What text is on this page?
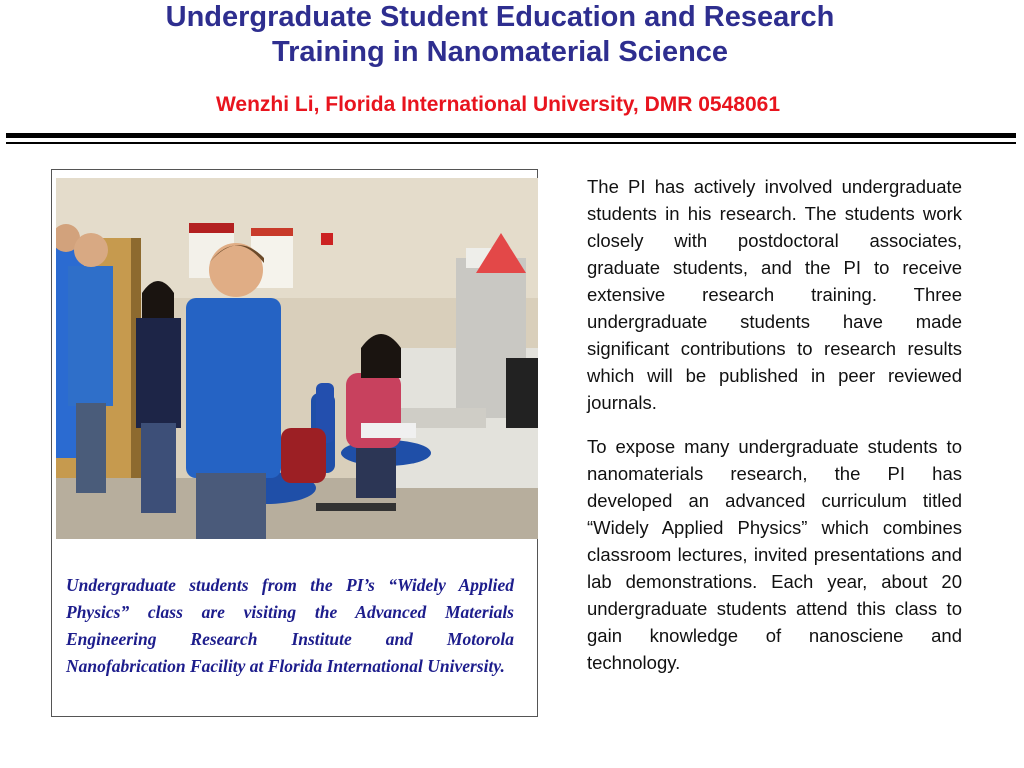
Undergraduate Student Education and Research
Training in Nanomaterial Science
Wenzhi Li, Florida International University, DMR 0548061
Undergraduate students from the PI’s “Widely Applied Physics” class are visiting the Advanced Materials Engineering Research Institute and Motorola Nanofabrication Facility at Florida International University.

The PI has actively involved undergraduate students in his research. The students work closely with postdoctoral associates, graduate students, and the PI to receive extensive research training. Three undergraduate students have made significant contributions to research results which will be published in peer reviewed journals.

To expose many undergraduate students to nanomaterials research, the PI has developed an advanced curriculum titled “Widely Applied Physics” which combines classroom lectures, invited presentations and lab demonstrations. Each year, about 20 undergraduate students attend this class to gain knowledge of nanosciene and technology.
